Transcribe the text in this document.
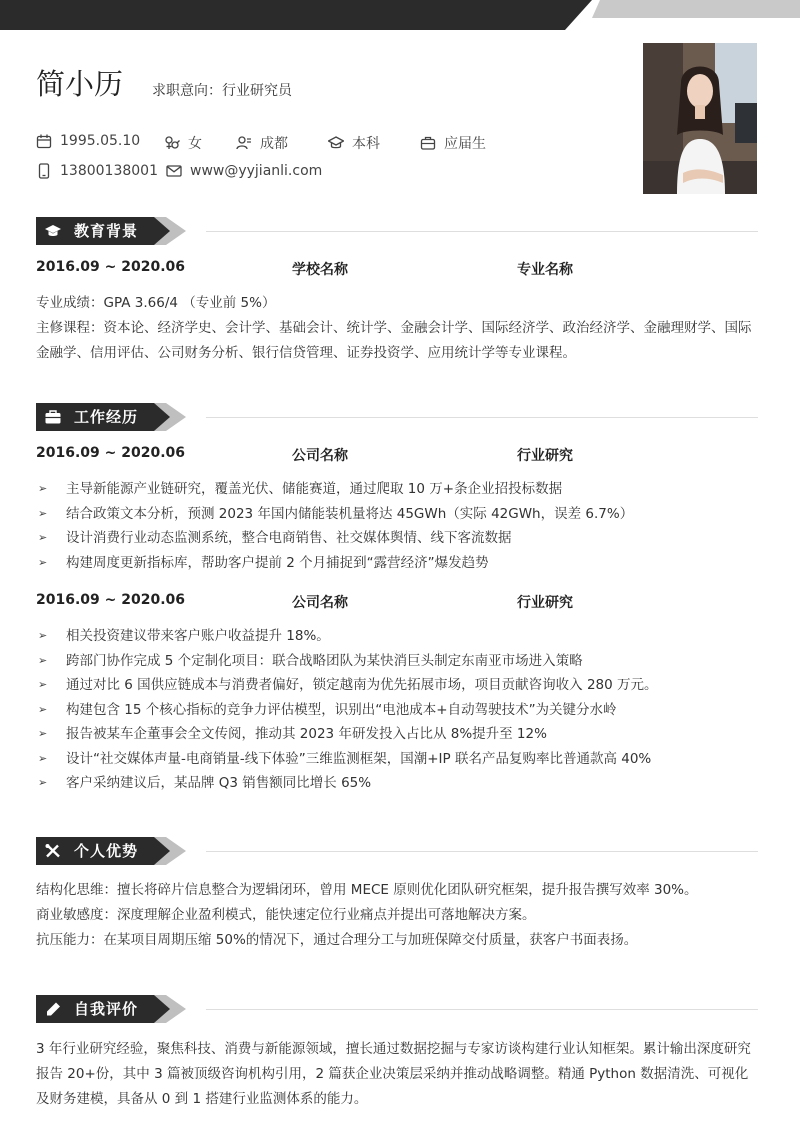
简小历 求职意向：行业研究员
1995.05.10	女	成都	本科	应届生
13800138001 www@yyjianli.com
教育背景
2016.09 ~ 2020.06	学校名称	专业名称
专业成绩：GPA 3.66/4 （专业前 5%）
主修课程：资本论、经济学史、会计学、基础会计、统计学、金融会计学、国际经济学、政治经济学、金融理财学、国际金融学、信用评估、公司财务分析、银行信贷管理、证券投资学、应用统计学等专业课程。
工作经历
2016.09 ~ 2020.06	公司名称	行业研究
➢ 主导新能源产业链研究，覆盖光伏、储能赛道，通过爬取 10 万+条企业招投标数据
➢ 结合政策文本分析，预测 2023 年国内储能装机量将达 45GWh（实际 42GWh，误差 6.7%）
➢ 设计消费行业动态监测系统，整合电商销售、社交媒体舆情、线下客流数据
➢ 构建周度更新指标库，帮助客户提前 2 个月捕捉到“露营经济”爆发趋势
2016.09 ~ 2020.06	公司名称	行业研究
➢ 相关投资建议带来客户账户收益提升 18%。
➢ 跨部门协作完成 5 个定制化项目：联合战略团队为某快消巨头制定东南亚市场进入策略
➢ 通过对比 6 国供应链成本与消费者偏好，锁定越南为优先拓展市场，项目贡献咨询收入 280 万元。
➢ 构建包含 15 个核心指标的竞争力评估模型，识别出“电池成本+自动驾驶技术”为关键分水岭
➢ 报告被某车企董事会全文传阅，推动其 2023 年研发投入占比从 8%提升至 12%
➢ 设计“社交媒体声量-电商销量-线下体验”三维监测框架，国潮+IP 联名产品复购率比普通款高 40%
➢ 客户采纳建议后，某品牌 Q3 销售额同比增长 65%
个人优势
结构化思维：擅长将碎片信息整合为逻辑闭环，曾用 MECE 原则优化团队研究框架，提升报告撰写效率 30%。
商业敏感度：深度理解企业盈利模式，能快速定位行业痛点并提出可落地解决方案。
抗压能力：在某项目周期压缩 50%的情况下，通过合理分工与加班保障交付质量，获客户书面表扬。
自我评价
3 年行业研究经验，聚焦科技、消费与新能源领域，擅长通过数据挖掘与专家访谈构建行业认知框架。累计输出深度研究报告 20+份，其中 3 篇被顶级咨询机构引用，2 篇获企业决策层采纳并推动战略调整。精通 Python 数据清洗、可视化及财务建模，具备从 0 到 1 搭建行业监测体系的能力。
